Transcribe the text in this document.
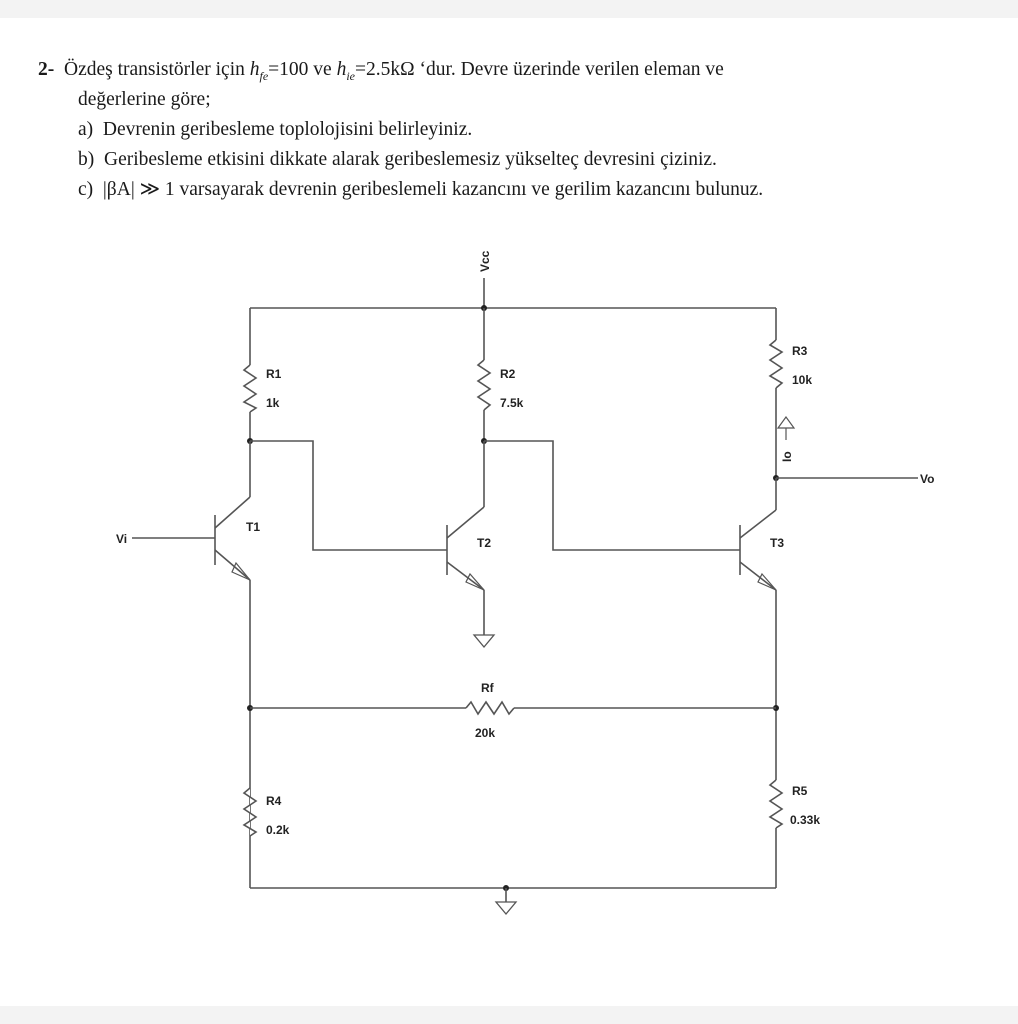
2- Özdeş transistörler için $h_{fe}=100$ ve $h_{ie}=2.5k\Omega$ ‘dur. Devre üzerinde verilen eleman ve
değerlerine göre;
a) Devrenin geribesleme toplolojisini belirleyiniz.
b) Geribesleme etkisini dikkate alarak geribeslemesiz yükselteç devresini çiziniz.
c) |βA| ≫ 1 varsayarak devrenin geribeslemeli kazancını ve gerilim kazancını bulunuz.
Vcc
R1
1k
R2
7.5k
R3
10k
Io
Vo
Vi
T1
T2	T3
Rf
20k
R4
0.2k
R5
0.33k
